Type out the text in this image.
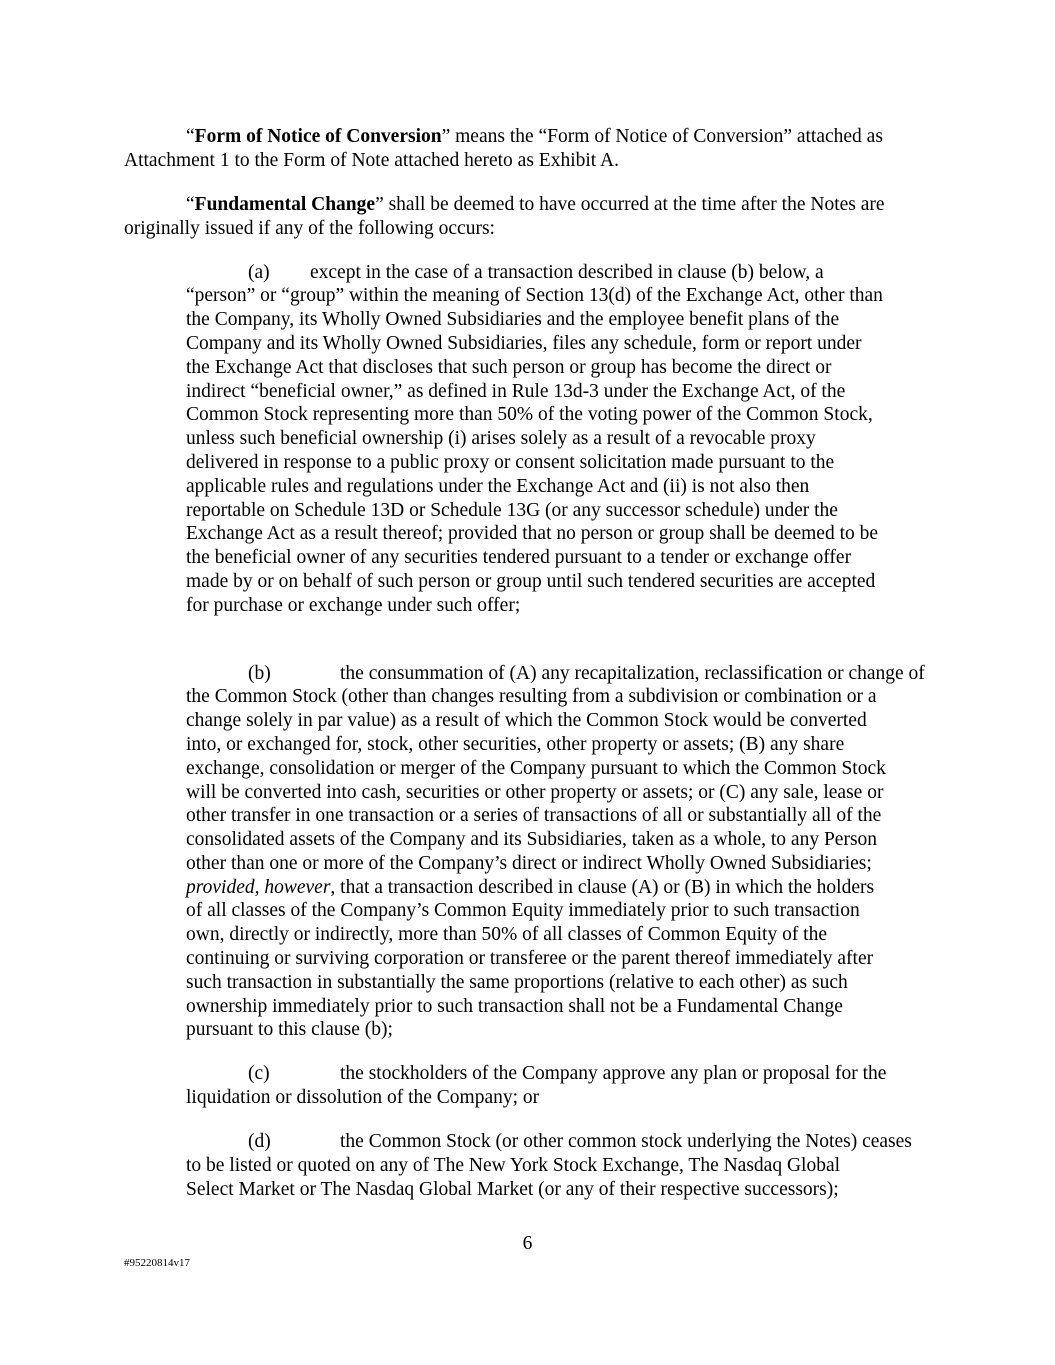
“Form of Notice of Conversion” means the “Form of Notice of Conversion” attached as
Attachment 1 to the Form of Note attached hereto as Exhibit A.
“Fundamental Change” shall be deemed to have occurred at the time after the Notes are
originally issued if any of the following occurs:
(a) except in the case of a transaction described in clause (b) below, a
“person” or “group” within the meaning of Section 13(d) of the Exchange Act, other than
the Company, its Wholly Owned Subsidiaries and the employee benefit plans of the
Company and its Wholly Owned Subsidiaries, files any schedule, form or report under
the Exchange Act that discloses that such person or group has become the direct or
indirect “beneficial owner,” as defined in Rule 13d-3 under the Exchange Act, of the
Common Stock representing more than 50% of the voting power of the Common Stock,
unless such beneficial ownership (i) arises solely as a result of a revocable proxy
delivered in response to a public proxy or consent solicitation made pursuant to the
applicable rules and regulations under the Exchange Act and (ii) is not also then
reportable on Schedule 13D or Schedule 13G (or any successor schedule) under the
Exchange Act as a result thereof; provided that no person or group shall be deemed to be
the beneficial owner of any securities tendered pursuant to a tender or exchange offer
made by or on behalf of such person or group until such tendered securities are accepted
for purchase or exchange under such offer;
(b)	the consummation of (A) any recapitalization, reclassification or change of
the Common Stock (other than changes resulting from a subdivision or combination or a
change solely in par value) as a result of which the Common Stock would be converted
into, or exchanged for, stock, other securities, other property or assets; (B) any share
exchange, consolidation or merger of the Company pursuant to which the Common Stock
will be converted into cash, securities or other property or assets; or (C) any sale, lease or
other transfer in one transaction or a series of transactions of all or substantially all of the
consolidated assets of the Company and its Subsidiaries, taken as a whole, to any Person
other than one or more of the Company’s direct or indirect Wholly Owned Subsidiaries;
provided, however, that a transaction described in clause (A) or (B) in which the holders
of all classes of the Company’s Common Equity immediately prior to such transaction
own, directly or indirectly, more than 50% of all classes of Common Equity of the
continuing or surviving corporation or transferee or the parent thereof immediately after
such transaction in substantially the same proportions (relative to each other) as such
ownership immediately prior to such transaction shall not be a Fundamental Change
pursuant to this clause (b);
(c)	the stockholders of the Company approve any plan or proposal for the
liquidation or dissolution of the Company; or
(d)	the Common Stock (or other common stock underlying the Notes) ceases
to be listed or quoted on any of The New York Stock Exchange, The Nasdaq Global
Select Market or The Nasdaq Global Market (or any of their respective successors);
6
#95220814v17
